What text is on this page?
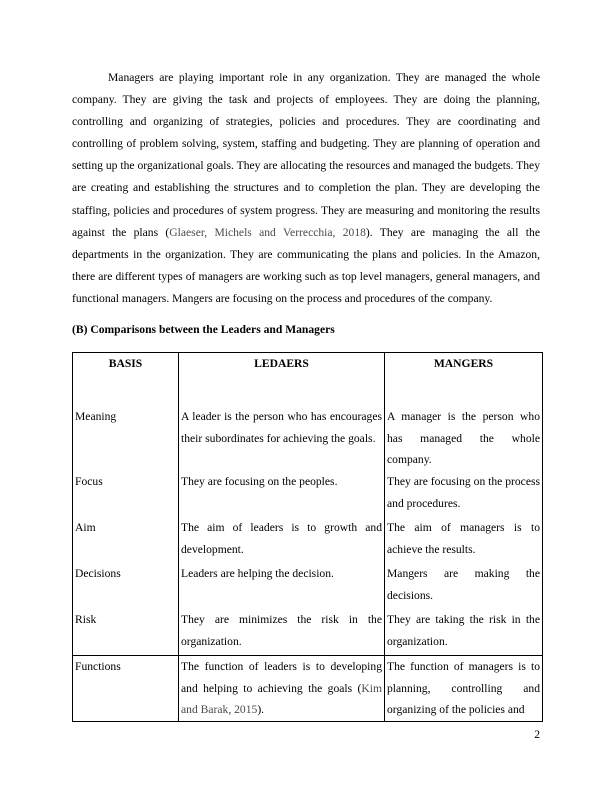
Managers are playing important role in any organization. They are managed the whole company. They are giving the task and projects of employees. They are doing the planning, controlling and organizing of strategies, policies and procedures. They are coordinating and controlling of problem solving, system, staffing and budgeting. They are planning of operation and setting up the organizational goals. They are allocating the resources and managed the budgets. They are creating and establishing the structures and to completion the plan. They are developing the staffing, policies and procedures of system progress. They are measuring and monitoring the results against the plans (Glaeser, Michels and Verrecchia, 2018). They are managing the all the departments in the organization. They are communicating the plans and policies. In the Amazon, there are different types of managers are working such as top level managers, general managers, and functional managers. Mangers are focusing on the process and procedures of the company.

(B) Comparisons between the Leaders and Managers
BASIS	LEDAERS	MANGERS
Meaning	A leader is the person who has encourages their subordinates for achieving the goals.	A manager is the person who has managed the whole company.
Focus	They are focusing on the peoples.	They are focusing on the process and procedures.
Aim	The aim of leaders is to growth and development.	The aim of managers is to achieve the results.
Decisions	Leaders are helping the decision.	Mangers are making the decisions.
Risk	They are minimizes the risk in the organization.	They are taking the risk in the organization.
Functions	The function of leaders is to developing and helping to achieving the goals (Kim and Barak, 2015).	The function of managers is to planning, controlling and organizing of the policies and
2
